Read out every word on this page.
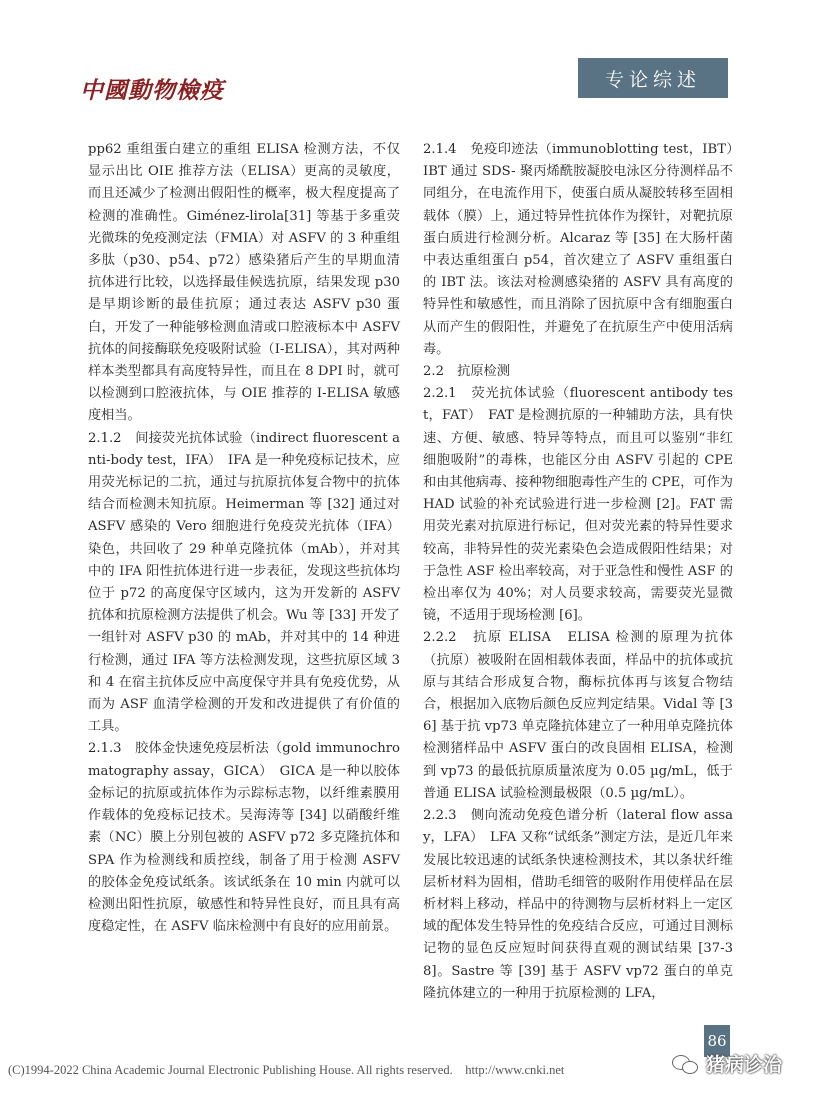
中國動物檢疫	专论综述

pp62 重组蛋白建立的重组 ELISA 检测方法，不仅显示出比 OIE 推荐方法（ELISA）更高的灵敏度，而且还减少了检测出假阳性的概率，极大程度提高了检测的准确性。Giménez-lirola[31] 等基于多重荧光微珠的免疫测定法（FMIA）对 ASFV 的 3 种重组多肽（p30、p54、p72）感染猪后产生的早期血清抗体进行比较，以选择最佳候选抗原，结果发现 p30 是早期诊断的最佳抗原；通过表达 ASFV p30 蛋白，开发了一种能够检测血清或口腔液标本中 ASFV 抗体的间接酶联免疫吸附试验（I-ELISA），其对两种样本类型都具有高度特异性，而且在 8 DPI 时，就可以检测到口腔液抗体，与 OIE 推荐的 I-ELISA 敏感度相当。

2.1.2　间接荧光抗体试验（indirect fluorescent anti-body test，IFA）　IFA 是一种免疫标记技术，应用荧光标记的二抗，通过与抗原抗体复合物中的抗体结合而检测未知抗原。Heimerman 等 [32] 通过对 ASFV 感染的 Vero 细胞进行免疫荧光抗体（IFA）染色，共回收了 29 种单克隆抗体（mAb），并对其中的 IFA 阳性抗体进行进一步表征，发现这些抗体均位于 p72 的高度保守区域内，这为开发新的 ASFV 抗体和抗原检测方法提供了机会。Wu 等 [33] 开发了一组针对 ASFV p30 的 mAb，并对其中的 14 种进行检测，通过 IFA 等方法检测发现，这些抗原区域 3 和 4 在宿主抗体反应中高度保守并具有免疫优势，从而为 ASF 血清学检测的开发和改进提供了有价值的工具。

2.1.3　胶体金快速免疫层析法（gold immunochromatography assay，GICA）　GICA 是一种以胶体金标记的抗原或抗体作为示踪标志物，以纤维素膜用作载体的免疫标记技术。吴海涛等 [34] 以硝酸纤维素（NC）膜上分别包被的 ASFV p72 多克隆抗体和 SPA 作为检测线和质控线，制备了用于检测 ASFV 的胶体金免疫试纸条。该试纸条在 10 min 内就可以检测出阳性抗原，敏感性和特异性良好，而且具有高度稳定性，在 ASFV 临床检测中有良好的应用前景。

2.1.4　免疫印迹法（immunoblotting test，IBT）　IBT 通过 SDS- 聚丙烯酰胺凝胶电泳区分待测样品不同组分，在电流作用下，使蛋白质从凝胶转移至固相载体（膜）上，通过特异性抗体作为探针，对靶抗原蛋白质进行检测分析。Alcaraz 等 [35] 在大肠杆菌中表达重组蛋白 p54，首次建立了 ASFV 重组蛋白的 IBT 法。该法对检测感染猪的 ASFV 具有高度的特异性和敏感性，而且消除了因抗原中含有细胞蛋白从而产生的假阳性，并避免了在抗原生产中使用活病毒。

2.2　抗原检测

2.2.1　荧光抗体试验（fluorescent antibody test，FAT）　FAT 是检测抗原的一种辅助方法，具有快速、方便、敏感、特异等特点，而且可以鉴别“非红细胞吸附”的毒株，也能区分由 ASFV 引起的 CPE 和由其他病毒、接种物细胞毒性产生的 CPE，可作为 HAD 试验的补充试验进行进一步检测 [2]。FAT 需用荧光素对抗原进行标记，但对荧光素的特异性要求较高，非特异性的荧光素染色会造成假阳性结果；对于急性 ASF 检出率较高，对于亚急性和慢性 ASF 的检出率仅为 40%；对人员要求较高，需要荧光显微镜，不适用于现场检测 [6]。

2.2.2　抗原 ELISA　ELISA 检测的原理为抗体（抗原）被吸附在固相载体表面，样品中的抗体或抗原与其结合形成复合物，酶标抗体再与该复合物结合，根据加入底物后颜色反应判定结果。Vidal 等 [36] 基于抗 vp73 单克隆抗体建立了一种用单克隆抗体检测猪样品中 ASFV 蛋白的改良固相 ELISA，检测到 vp73 的最低抗原质量浓度为 0.05 µg/mL，低于普通 ELISA 试验检测最极限（0.5 µg/mL）。

2.2.3　侧向流动免疫色谱分析（lateral flow assay，LFA）　LFA 又称“试纸条”测定方法，是近几年来发展比较迅速的试纸条快速检测技术，其以条状纤维层析材料为固相，借助毛细管的吸附作用使样品在层析材料上移动，样品中的待测物与层析材料上一定区域的配体发生特异性的免疫结合反应，可通过目测标记物的显色反应短时间获得直观的测试结果 [37-38]。Sastre 等 [39] 基于 ASFV vp72 蛋白的单克隆抗体建立的一种用于抗原检测的 LFA，

86
(C)1994-2022 China Academic Journal Electronic Publishing House. All rights reserved.　http://www.cnki.net	猪病诊治
